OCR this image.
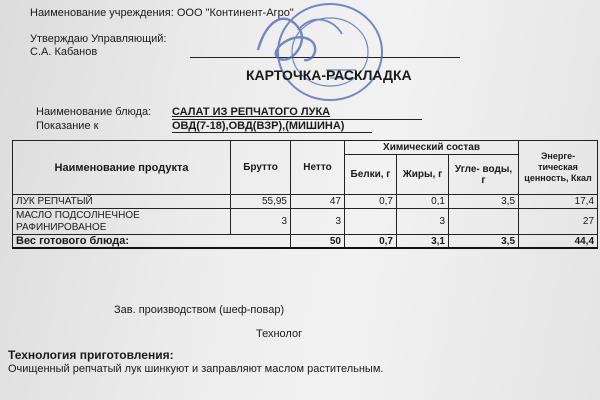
Наименование учреждения: ООО "Континент-Агро"
Утверждаю Управляющий:
С.А. Кабанов
КАРТОЧКА-РАСКЛАДКА
Наименование блюда: САЛАТ ИЗ РЕПЧАТОГО ЛУКА
Показание к	ОВД(7-18),ОВД(ВЗР),(МИШИНА)
Наименование продукта	Брутто	Нетто	Химический состав			Энерге- тическая ценность, Ккал
			Белки, г	Жиры, г	Угле- воды, г	
ЛУК РЕПЧАТЫЙ	55,95	47	0,7	0,1	3,5	17,4
МАСЛО ПОДСОЛНЕЧНОЕ
РАФИНИРОВАНОЕ	3	3		3		27
Вес готового блюда:		50	0,7	3,1	3,5	44,4
Зав. производством (шеф-повар)
Технолог
Технология приготовления:
Очищенный репчатый лук шинкуют и заправляют маслом растительным.
